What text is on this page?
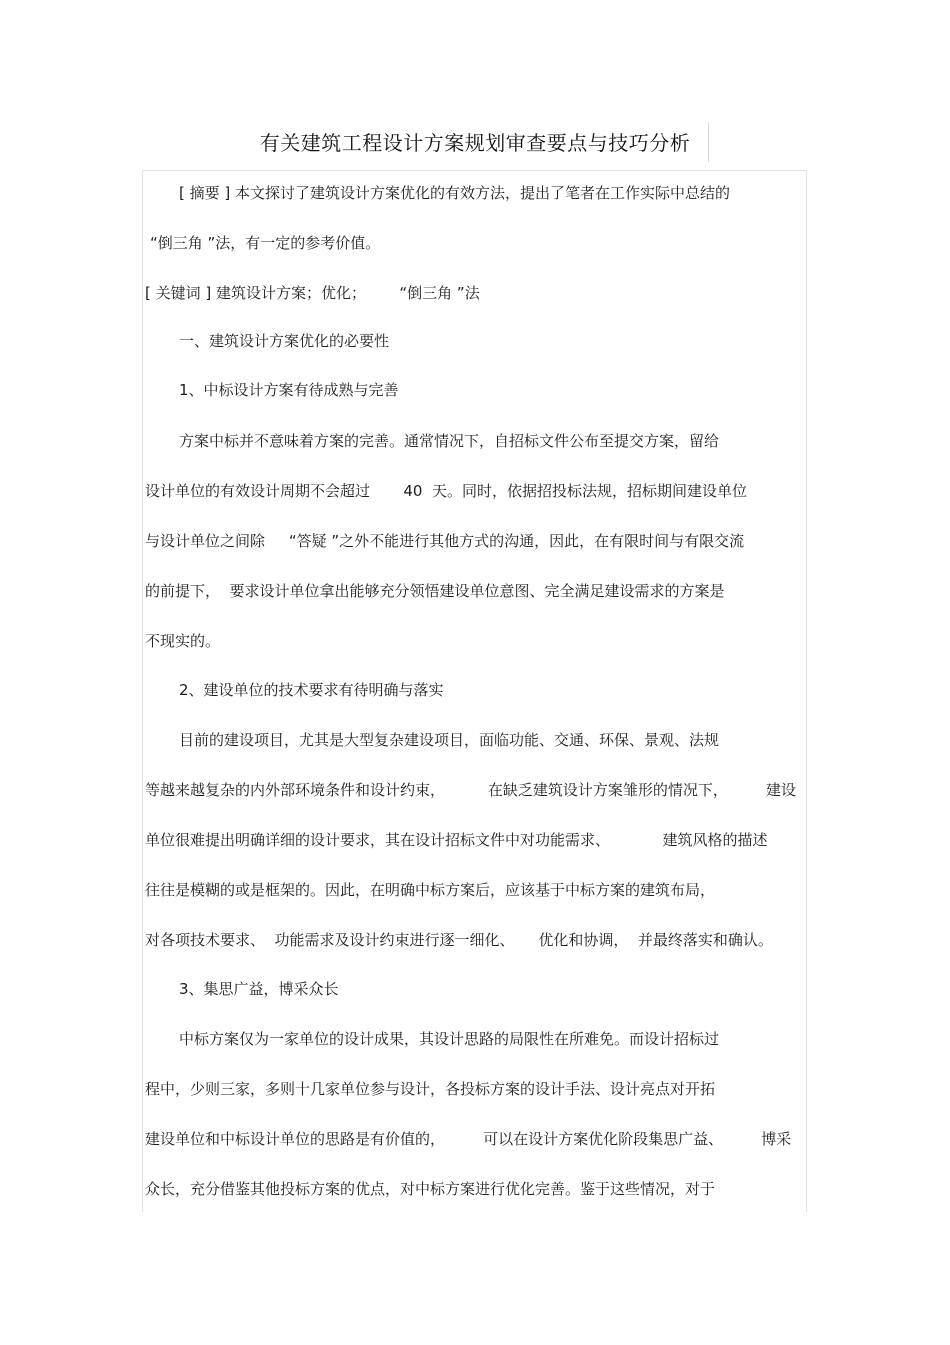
有关建筑工程设计方案规划审查要点与技巧分析

[ 摘要 ] 本文探讨了建筑设计方案优化的有效方法，提出了笔者在工作实际中总结的

“倒三角 ”法，有一定的参考价值。

[ 关键词 ] 建筑设计方案；优化；       “倒三角 ”法

一、建筑设计方案优化的必要性

1、中标设计方案有待成熟与完善

方案中标并不意味着方案的完善。通常情况下，自招标文件公布至提交方案，留给

设计单位的有效设计周期不会超过       40  天。同时，依据招投标法规，招标期间建设单位

与设计单位之间除     “答疑 ”之外不能进行其他方式的沟通，因此，在有限时间与有限交流

的前提下，  要求设计单位拿出能够充分领悟建设单位意图、完全满足建设需求的方案是

不现实的。

2、建设单位的技术要求有待明确与落实

目前的建设项目，尤其是大型复杂建设项目，面临功能、交通、环保、景观、法规

等越来越复杂的内外部环境条件和设计约束，         在缺乏建筑设计方案雏形的情况下，        建设

单位很难提出明确详细的设计要求，其在设计招标文件中对功能需求、           建筑风格的描述

往往是模糊的或是框架的。因此，在明确中标方案后，应该基于中标方案的建筑布局，

对各项技术要求、  功能需求及设计约束进行逐一细化、     优化和协调，  并最终落实和确认。

3、集思广益，博采众长

中标方案仅为一家单位的设计成果，其设计思路的局限性在所难免。而设计招标过

程中，少则三家，多则十几家单位参与设计，各投标方案的设计手法、设计亮点对开拓

建设单位和中标设计单位的思路是有价值的，        可以在设计方案优化阶段集思广益、        博采

众长，充分借鉴其他投标方案的优点，对中标方案进行优化完善。鉴于这些情况，对于
